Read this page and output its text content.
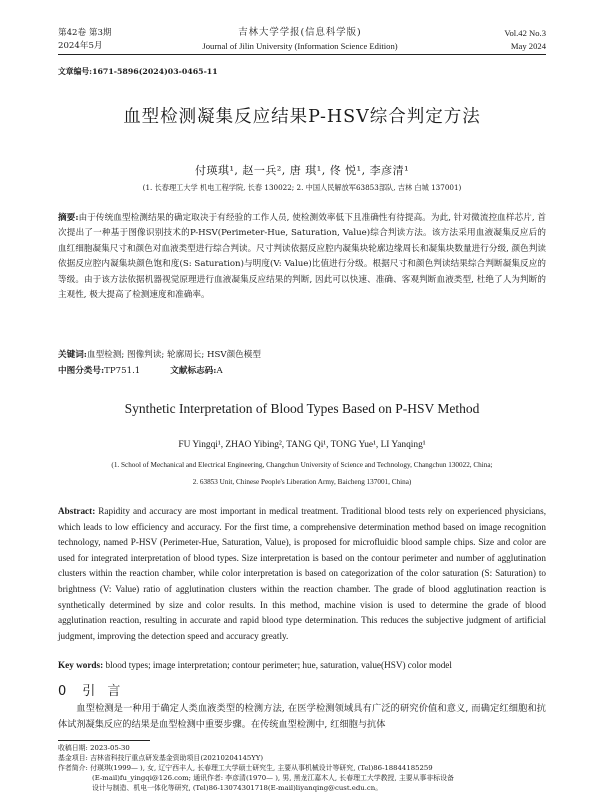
第42卷 第3期
2024年5月
吉林大学学报(信息科学版)
Journal of Jilin University (Information Science Edition)
Vol.42 No.3
May 2024
文章编号:1671-5896(2024)03-0465-11
血型检测凝集反应结果P-HSV综合判定方法
付瑛琪¹, 赵一兵², 唐 琪¹, 佟 悦¹, 李彦清¹
(1. 长春理工大学 机电工程学院, 长春 130022; 2. 中国人民解放军63853部队, 吉林 白城 137001)
摘要:由于传统血型检测结果的确定取决于有经验的工作人员, 使检测效率低下且准确性有待提高。为此, 针对微流控血样芯片, 首次提出了一种基于图像识别技术的P-HSV(Perimeter-Hue, Saturation, Value)综合判读方法。该方法采用血液凝集反应后的血红细胞凝集尺寸和颜色对血液类型进行综合判读。尺寸判读依据反应腔内凝集块轮廓边缘周长和凝集块数量进行分级, 颜色判读依据反应腔内凝集块颜色饱和度(S: Saturation)与明度(V: Value)比值进行分级。根据尺寸和颜色判读结果综合判断凝集反应的等级。由于该方法依据机器视觉原理进行血液凝集反应结果的判断, 因此可以快速、准确、客观判断血液类型, 杜绝了人为判断的主观性, 极大提高了检测速度和准确率。
关键词:血型检测; 图像判读; 轮廓周长; HSV颜色模型
中图分类号:TP751.1	文献标志码:A
Synthetic Interpretation of Blood Types Based on P-HSV Method
FU Yingqi¹, ZHAO Yibing², TANG Qi¹, TONG Yue¹, LI Yanqing¹
(1. School of Mechanical and Electrical Engineering, Changchun University of Science and Technology, Changchun 130022, China;
2. 63853 Unit, Chinese People's Liberation Army, Baicheng 137001, China)
Abstract: Rapidity and accuracy are most important in medical treatment. Traditional blood tests rely on experienced physicians, which leads to low efficiency and accuracy. For the first time, a comprehensive determination method based on image recognition technology, named P-HSV (Perimeter-Hue, Saturation, Value), is proposed for microfluidic blood sample chips. Size and color are used for integrated interpretation of blood types. Size interpretation is based on the contour perimeter and number of agglutination clusters within the reaction chamber, while color interpretation is based on categorization of the color saturation (S: Saturation) to brightness (V: Value) ratio of agglutination clusters within the reaction chamber. The grade of blood agglutination reaction is synthetically determined by size and color results. In this method, machine vision is used to determine the grade of blood agglutination reaction, resulting in accurate and rapid blood type determination. This reduces the subjective judgment of artificial judgment, improving the detection speed and accuracy greatly.
Key words: blood types; image interpretation; contour perimeter; hue, saturation, value(HSV) color model
0 引 言
血型检测是一种用于确定人类血液类型的检测方法, 在医学检测领域具有广泛的研究价值和意义, 而确定红细胞和抗体试剂凝集反应的结果是血型检测中重要步骤。在传统血型检测中, 红细胞与抗体
收稿日期: 2023-05-30
基金项目: 吉林省科技厅重点研发基金资助项目(20210204145YY)
作者简介: 付瑛琪(1999— ), 女, 辽宁西丰人, 长春理工大学硕士研究生, 主要从事机械设计等研究, (Tel)86-18844185259
(E-mail)fu_yingqi@126.com; 通讯作者: 李彦清(1970— ), 男, 黑龙江嘉木人, 长春理工大学教授, 主要从事非标设备
设计与制造、机电一体化等研究, (Tel)86-13074301718(E-mail)liyanqing@cust.edu.cn。
